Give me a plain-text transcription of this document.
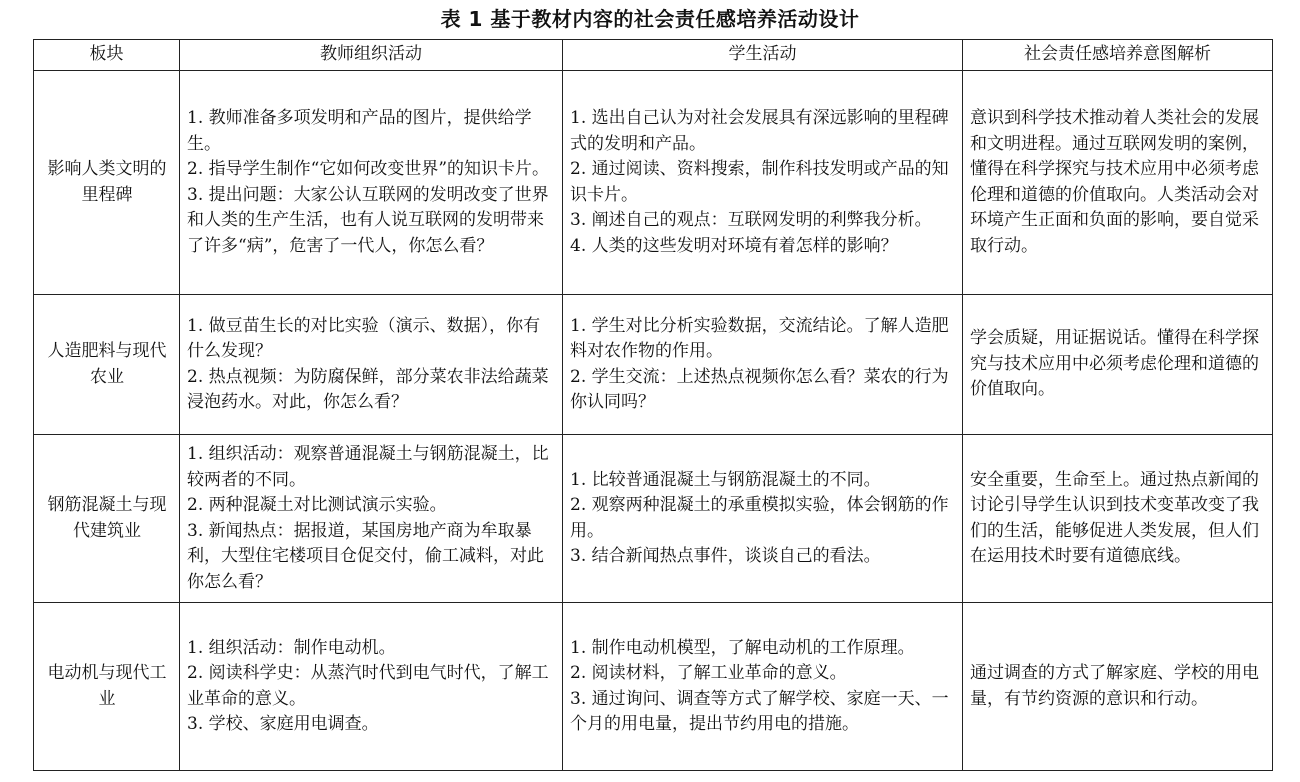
表 1 基于教材内容的社会责任感培养活动设计
板块	教师组织活动	学生活动	社会责任感培养意图解析
影响人类文明的里程碑	1. 教师准备多项发明和产品的图片，提供给学生。
2. 指导学生制作“它如何改变世界”的知识卡片。
3. 提出问题：大家公认互联网的发明改变了世界和人类的生产生活，也有人说互联网的发明带来了许多“病”，危害了一代人，你怎么看？	1. 选出自己认为对社会发展具有深远影响的里程碑式的发明和产品。
2. 通过阅读、资料搜索，制作科技发明或产品的知识卡片。
3. 阐述自己的观点：互联网发明的利弊我分析。
4. 人类的这些发明对环境有着怎样的影响？	意识到科学技术推动着人类社会的发展和文明进程。通过互联网发明的案例，懂得在科学探究与技术应用中必须考虑伦理和道德的价值取向。人类活动会对环境产生正面和负面的影响，要自觉采取行动。
人造肥料与现代农业	1. 做豆苗生长的对比实验（演示、数据），你有什么发现？
2. 热点视频：为防腐保鲜，部分菜农非法给蔬菜浸泡药水。对此，你怎么看？	1. 学生对比分析实验数据，交流结论。了解人造肥料对农作物的作用。
2. 学生交流：上述热点视频你怎么看？菜农的行为你认同吗？	学会质疑，用证据说话。懂得在科学探究与技术应用中必须考虑伦理和道德的价值取向。
钢筋混凝土与现代建筑业	1. 组织活动：观察普通混凝土与钢筋混凝土，比较两者的不同。
2. 两种混凝土对比测试演示实验。
3. 新闻热点：据报道，某国房地产商为牟取暴利，大型住宅楼项目仓促交付，偷工减料，对此你怎么看？	1. 比较普通混凝土与钢筋混凝土的不同。
2. 观察两种混凝土的承重模拟实验，体会钢筋的作用。
3. 结合新闻热点事件，谈谈自己的看法。	安全重要，生命至上。通过热点新闻的讨论引导学生认识到技术变革改变了我们的生活，能够促进人类发展，但人们在运用技术时要有道德底线。
电动机与现代工业	1. 组织活动：制作电动机。
2. 阅读科学史：从蒸汽时代到电气时代，了解工业革命的意义。
3. 学校、家庭用电调查。	1. 制作电动机模型，了解电动机的工作原理。
2. 阅读材料，了解工业革命的意义。
3. 通过询问、调查等方式了解学校、家庭一天、一个月的用电量，提出节约用电的措施。	通过调查的方式了解家庭、学校的用电量，有节约资源的意识和行动。
